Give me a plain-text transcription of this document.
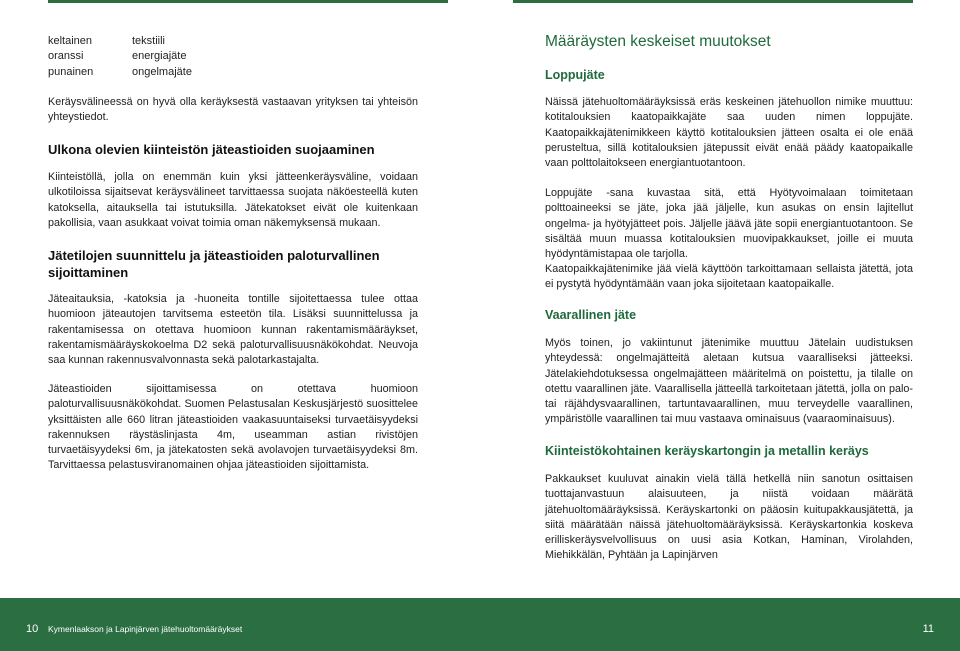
keltainen	tekstiili
oranssi	energiajäte
punainen	ongelmajäte

Keräysvälineessä on hyvä olla keräyksestä vastaavan yrityksen tai yhteisön yhteystiedot.

Ulkona olevien kiinteistön jäteastioiden suojaaminen

Kiinteistöllä, jolla on enemmän kuin yksi jätteenkeräysväline, voidaan ulkotiloissa sijaitsevat keräysvälineet tarvittaessa suojata näköesteellä kuten katoksella, aitauksella tai istutuksilla. Jätekatokset eivät ole kuitenkaan pakollisia, vaan asukkaat voivat toimia oman näkemyksensä mukaan.

Jätetilojen suunnittelu ja jäteastioiden paloturvallinen sijoittaminen

Jäteaitauksia, -katoksia ja -huoneita tontille sijoitettaessa tulee ottaa huomioon jäteautojen tarvitsema esteetön tila. Lisäksi suunnittelussa ja rakentamisessa on otettava huomioon kunnan rakentamismääräykset, rakentamismääräyskokoelma D2 sekä paloturvallisuusnäkökohdat. Neuvoja saa kunnan rakennusvalvonnasta sekä palotarkastajalta.

Jäteastioiden sijoittamisessa on otettava huomioon paloturvallisuusnäkökohdat. Suomen Pelastusalan Keskusjärjestö suosittelee yksittäisten alle 660 litran jäteastioiden vaakasuuntaiseksi turvaetäisyydeksi rakennuksen räystäslinjasta 4m, useamman astian rivistöjen turvaetäisyydeksi 6m, ja jätekatosten sekä avolavojen turvaetäisyydeksi 8m. Tarvittaessa pelastusviranomainen ohjaa jäteastioiden sijoittamista.

Määräysten keskeiset muutokset
Loppujäte

Näissä jätehuoltomääräyksissä eräs keskeinen jätehuollon nimike muuttuu: kotitalouksien kaatopaikkajäte saa uuden nimen loppujäte. Kaatopaikkajätenimikkeen käyttö kotitalouksien jätteen osalta ei ole enää perusteltua, sillä kotitalouksien jätepussit eivät enää päädy kaatopaikalle vaan polttolaitokseen energiantuotantoon.

Loppujäte -sana kuvastaa sitä, että Hyötyvoimalaan toimitetaan polttoaineeksi se jäte, joka jää jäljelle, kun asukas on ensin lajitellut ongelma- ja hyötyjätteet pois. Jäljelle jäävä jäte sopii energiantuotantoon. Se sisältää muun muassa kotitalouksien muovipakkaukset, joille ei muuta hyödyntämistapaa ole tarjolla.

Kaatopaikkajätenimike jää vielä käyttöön tarkoittamaan sellaista jätettä, jota ei pystytä hyödyntämään vaan joka sijoitetaan kaatopaikalle.

Vaarallinen jäte

Myös toinen, jo vakiintunut jätenimike muuttuu Jätelain uudistuksen yhteydessä: ongelmajätteitä aletaan kutsua vaaralliseksi jätteeksi. Jätelakiehdotuksessa ongelmajätteen määritelmä on poistettu, ja tilalle on otettu vaarallinen jäte. Vaarallisella jätteellä tarkoitetaan jätettä, jolla on palo- tai räjähdysvaarallinen, tartuntavaarallinen, muu terveydelle vaarallinen, ympäristölle vaarallinen tai muu vastaava ominaisuus (vaaraominaisuus).

Kiinteistökohtainen keräyskartongin ja metallin keräys

Pakkaukset kuuluvat ainakin vielä tällä hetkellä niin sanotun osittaisen tuottajanvastuun alaisuuteen, ja niistä voidaan määrätä jätehuoltomääräyksissä. Keräyskartonki on pääosin kuitupakkausjätettä, ja siitä määrätään näissä jätehuoltomääräyksissä. Keräyskartonkia koskeva erilliskeräysvelvollisuus on uusi asia Kotkan, Haminan, Virolahden, Miehikkälän, Pyhtään ja Lapinjärven

10 Kymenlaakson ja Lapinjärven jätehuoltomääräykset	11
